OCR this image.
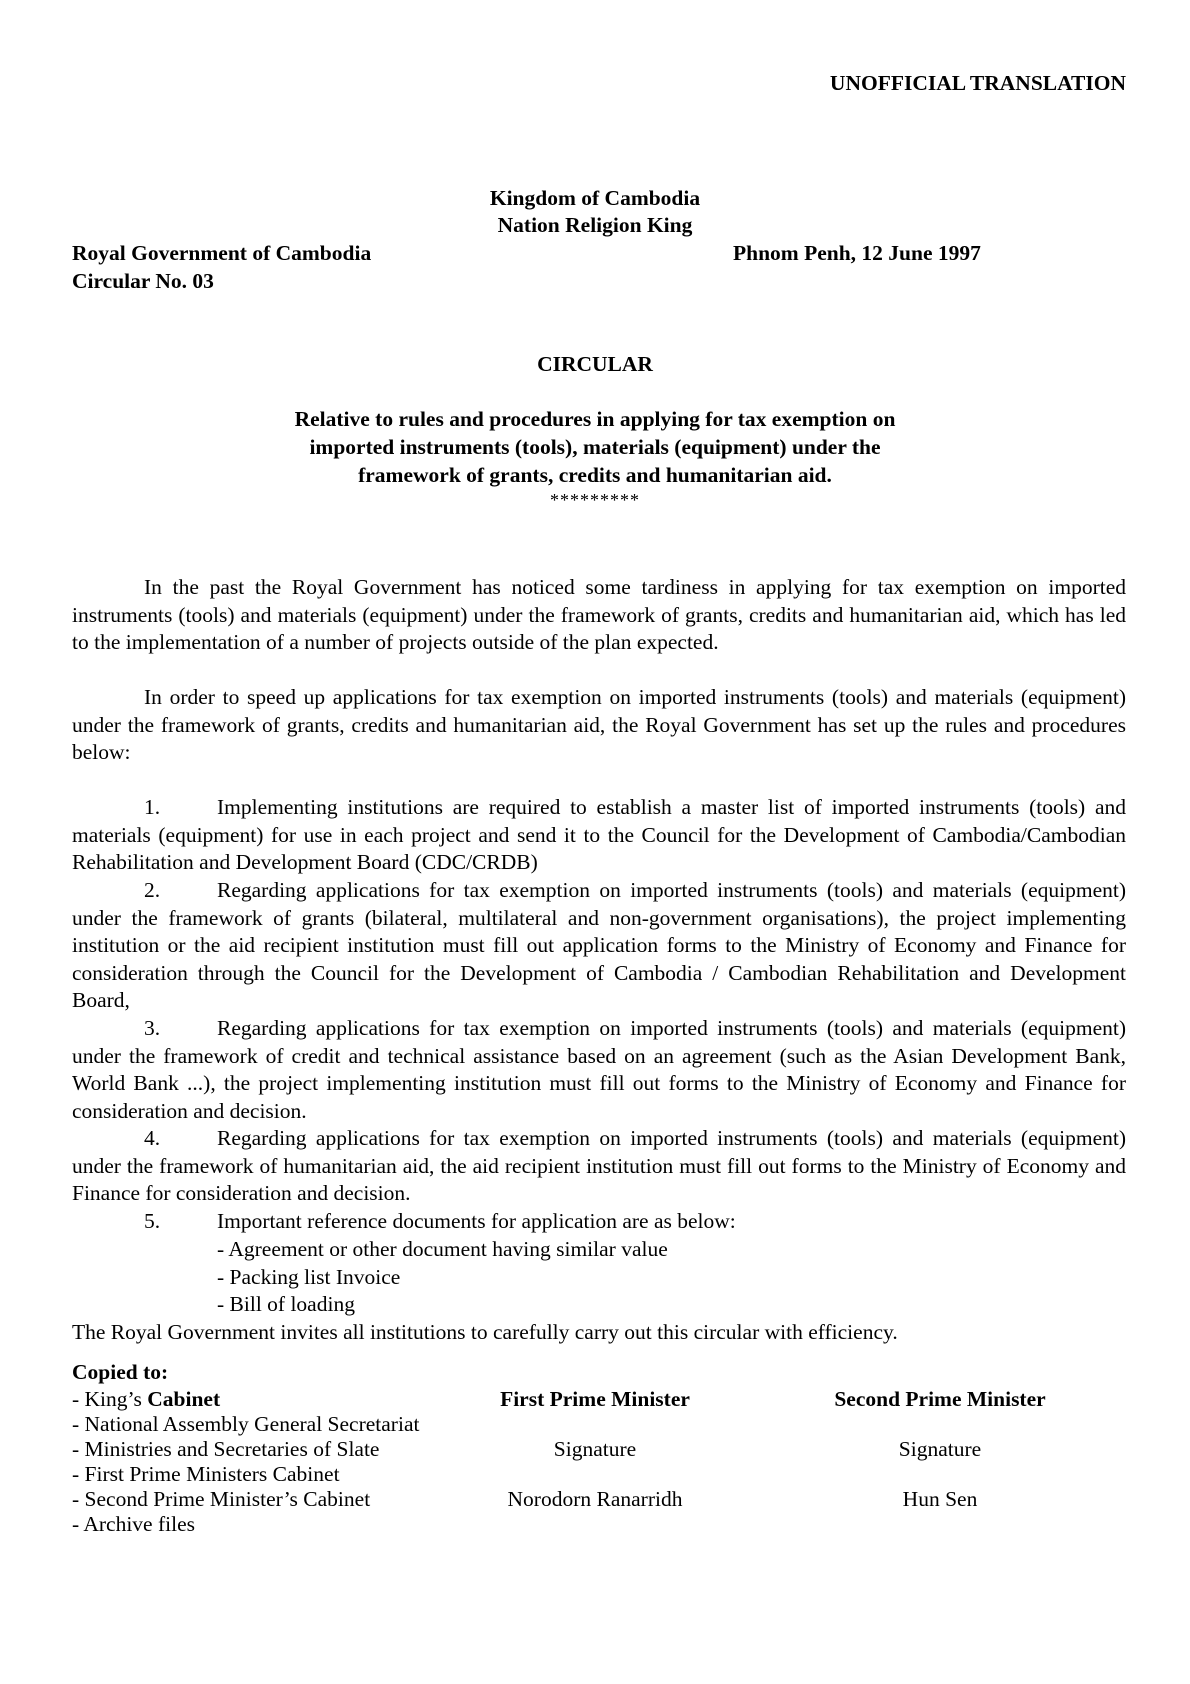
UNOFFICIAL TRANSLATION
Kingdom of Cambodia
Nation Religion King
Royal Government of Cambodia	Phnom Penh, 12 June 1997
Circular No. 03
CIRCULAR
Relative to rules and procedures in applying for tax exemption on
imported instruments (tools), materials (equipment) under the
framework of grants, credits and humanitarian aid.
*********
In the past the Royal Government has noticed some tardiness in applying for tax exemption on imported instruments (tools) and materials (equipment) under the framework of grants, credits and humanitarian aid, which has led to the implementation of a number of projects outside of the plan expected.
In order to speed up applications for tax exemption on imported instruments (tools) and materials (equipment) under the framework of grants, credits and humanitarian aid, the Royal Government has set up the rules and procedures below:
1.	Implementing institutions are required to establish a master list of imported instruments (tools) and materials (equipment) for use in each project and send it to the Council for the Development of Cambodia/Cambodian Rehabilitation and Development Board (CDC/CRDB)
2.	Regarding applications for tax exemption on imported instruments (tools) and materials (equipment) under the framework of grants (bilateral, multilateral and non-government organisations), the project implementing institution or the aid recipient institution must fill out application forms to the Ministry of Economy and Finance for consideration through the Council for the Development of Cambodia / Cambodian Rehabilitation and Development Board,
3.	Regarding applications for tax exemption on imported instruments (tools) and materials (equipment) under the framework of credit and technical assistance based on an agreement (such as the Asian Development Bank, World Bank ...), the project implementing institution must fill out forms to the Ministry of Economy and Finance for consideration and decision.
4.	Regarding applications for tax exemption on imported instruments (tools) and materials (equipment) under the framework of humanitarian aid, the aid recipient institution must fill out forms to the Ministry of Economy and Finance for consideration and decision.
5.	Important reference documents for application are as below:
- Agreement or other document having similar value
- Packing list Invoice
- Bill of loading
The Royal Government invites all institutions to carefully carry out this circular with efficiency.
Copied to:
- King’s Cabinet
- National Assembly General Secretariat
- Ministries and Secretaries of Slate
- First Prime Ministers Cabinet
- Second Prime Minister’s Cabinet
- Archive files
First Prime Minister
Signature
Norodorn Ranarridh
Second Prime Minister
Signature
Hun Sen
